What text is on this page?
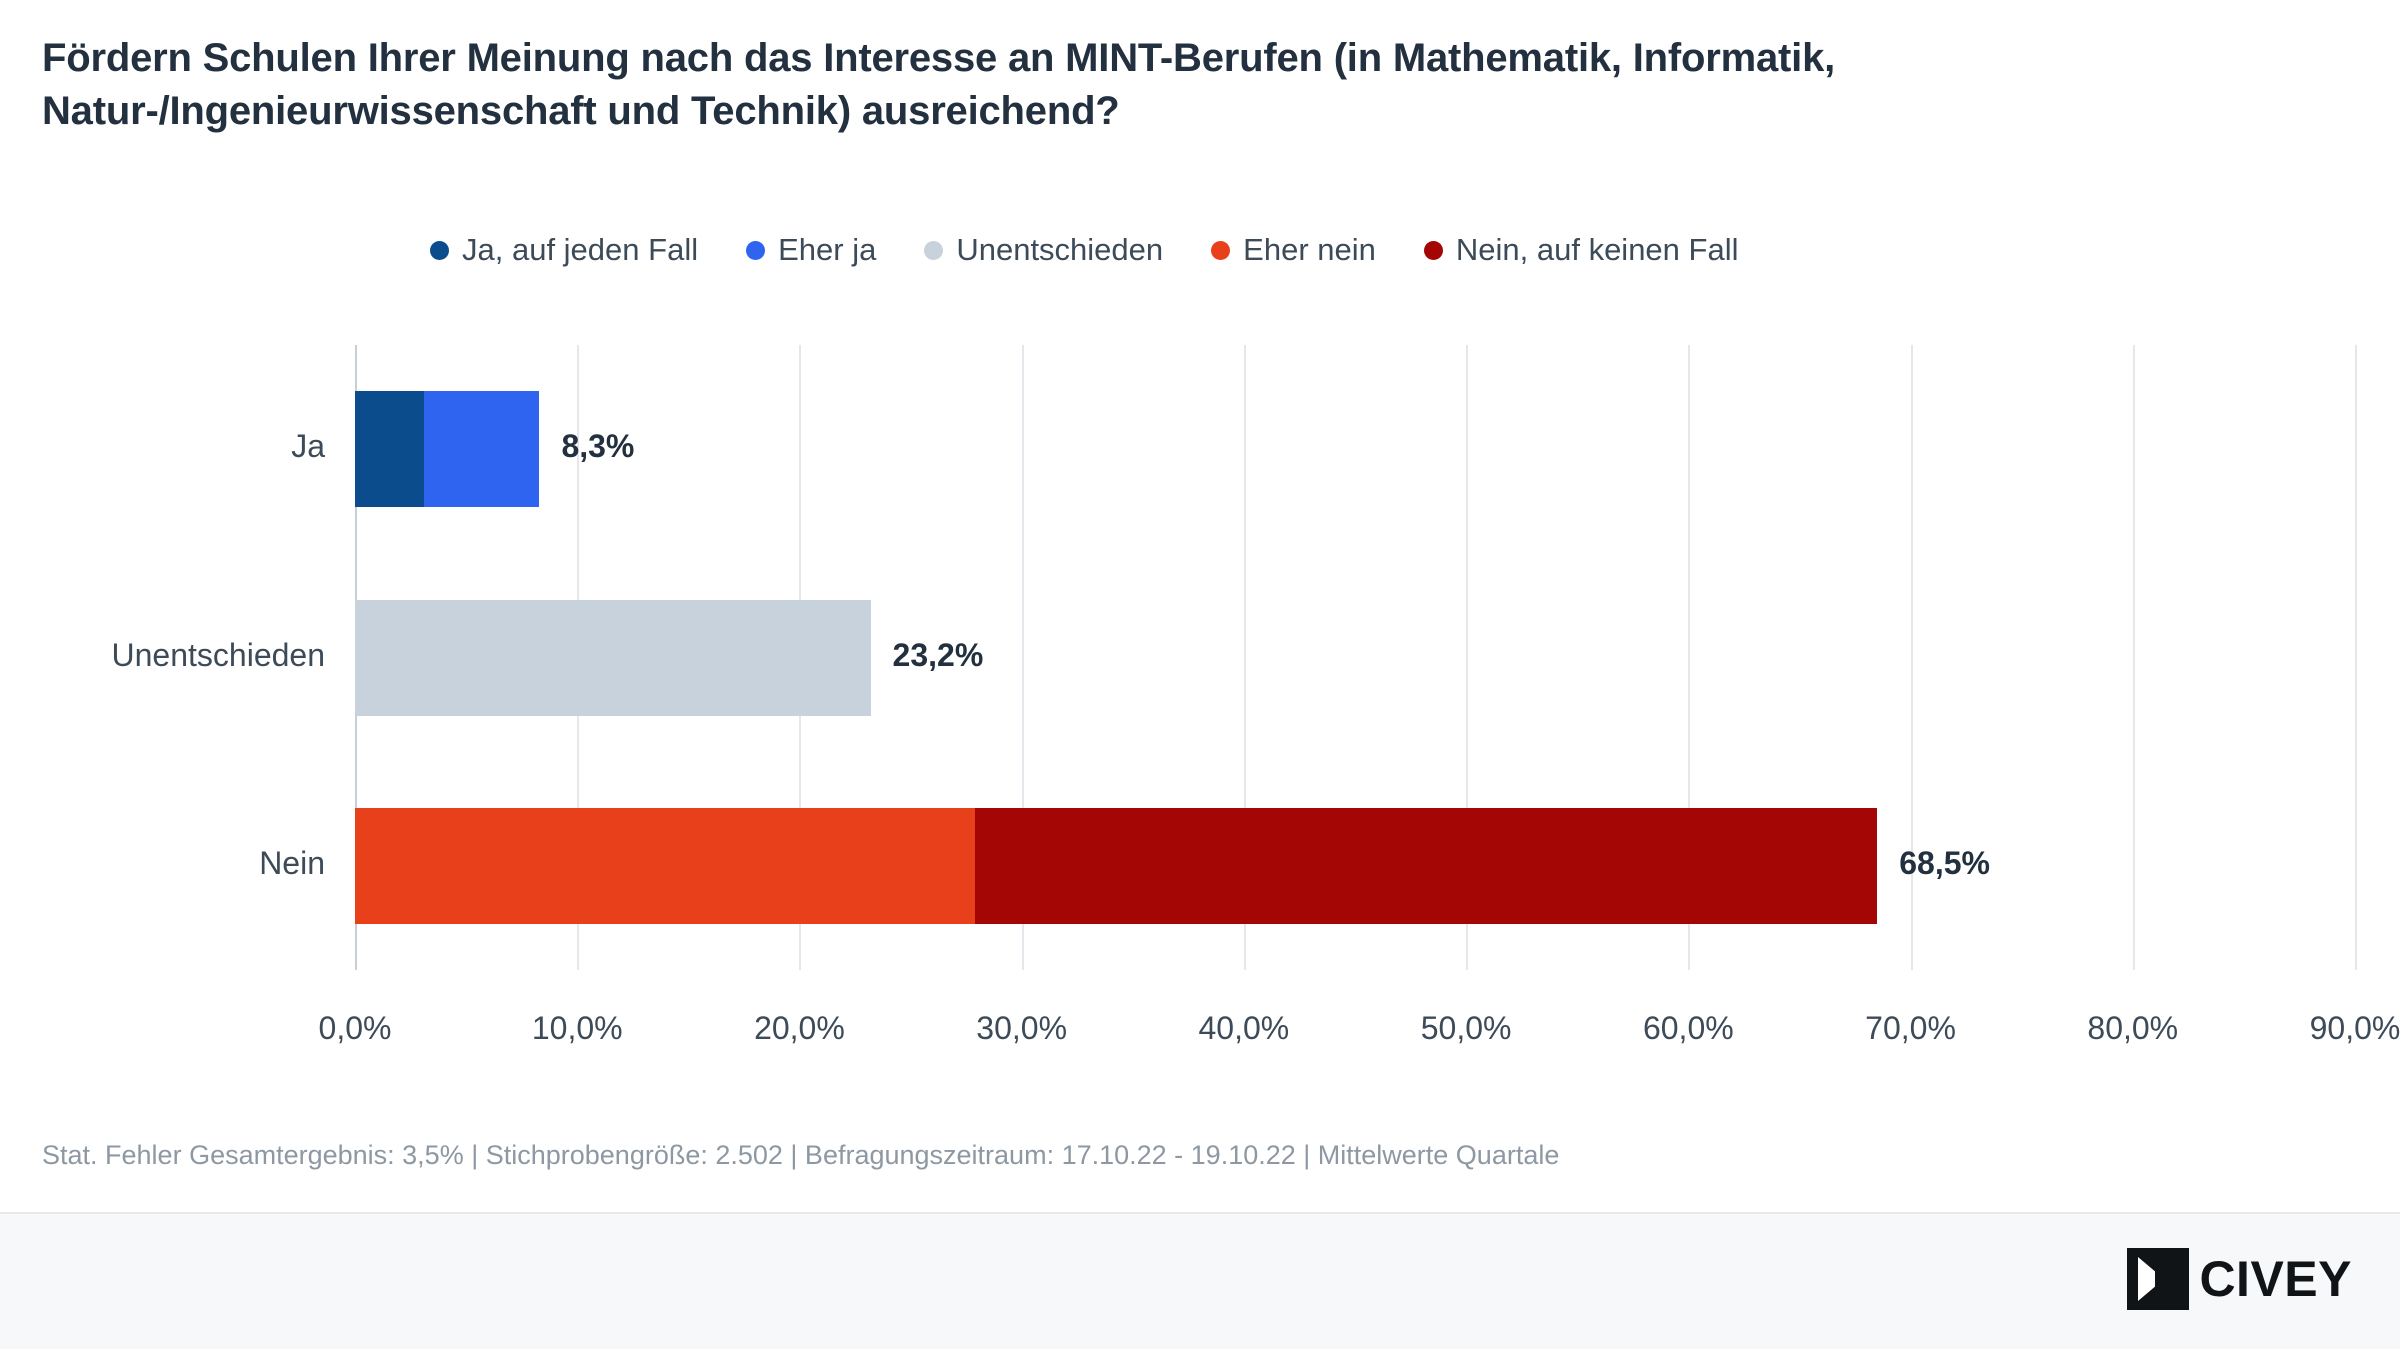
Fördern Schulen Ihrer Meinung nach das Interesse an MINT-Berufen (in Mathematik, Informatik, Natur-/Ingenieurwissenschaft und Technik) ausreichend?
Ja, auf jeden Fall	Eher ja	Unentschieden	Eher nein	Nein, auf keinen Fall
8,3%
Ja
23,2%
Unentschieden
68,5%
Nein
0,0%	10,0%	20,0%	30,0%	40,0%	50,0%	60,0%	70,0%	80,0%	90,0%
Stat. Fehler Gesamtergebnis: 3,5% | Stichprobengröße: 2.502 | Befragungszeitraum: 17.10.22 - 19.10.22 | Mittelwerte Quartale
CIVEY
